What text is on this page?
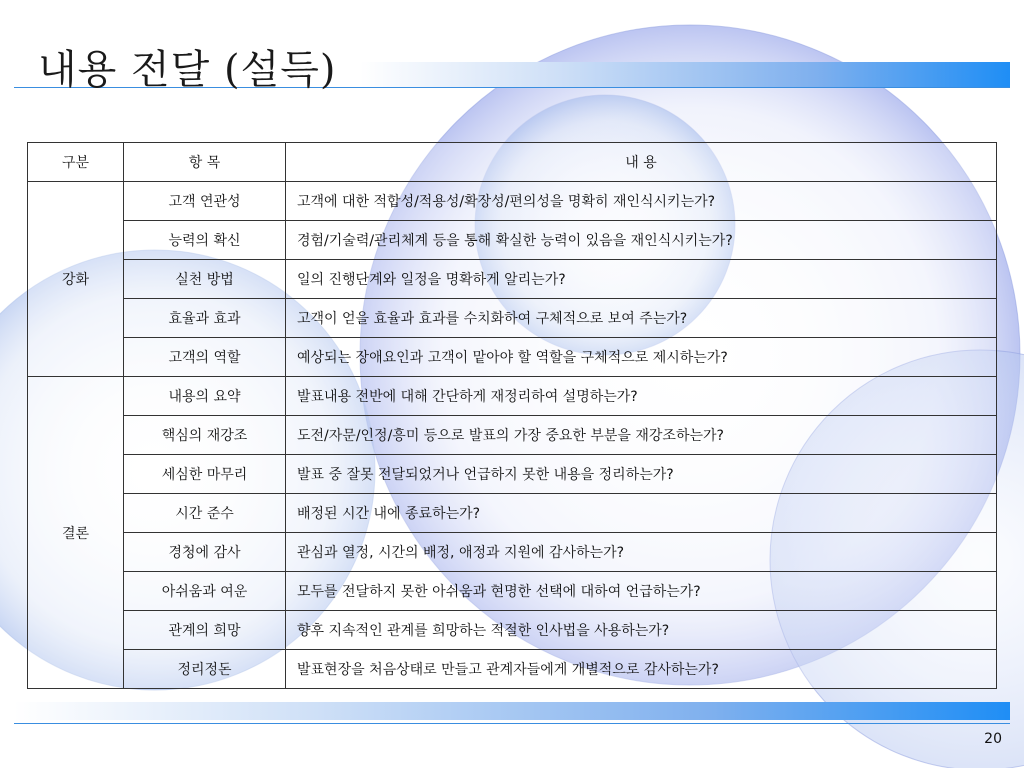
내용 전달 (설득)
구분	항 목	내 용
강화	고객 연관성	고객에 대한 적합성/적용성/확장성/편의성을 명확히 재인식시키는가?
	능력의 확신	경험/기술력/관리체계 등을 통해 확실한 능력이 있음을 재인식시키는가?
	실천 방법	일의 진행단계와 일정을 명확하게 알리는가?
	효율과 효과	고객이 얻을 효율과 효과를 수치화하여 구체적으로 보여 주는가?
	고객의 역할	예상되는 장애요인과 고객이 맡아야 할 역할을 구체적으로 제시하는가?
결론	내용의 요약	발표내용 전반에 대해 간단하게 재정리하여 설명하는가?
	핵심의 재강조	도전/자문/인정/흥미 등으로 발표의 가장 중요한 부분을 재강조하는가?
	세심한 마무리	발표 중 잘못 전달되었거나 언급하지 못한 내용을 정리하는가?
	시간 준수	배정된 시간 내에 종료하는가?
	경청에 감사	관심과 열정, 시간의 배정, 애정과 지원에 감사하는가?
	아쉬움과 여운	모두를 전달하지 못한 아쉬움과 현명한 선택에 대하여 언급하는가?
	관계의 희망	향후 지속적인 관계를 희망하는 적절한 인사법을 사용하는가?
	정리정돈	발표현장을 처음상태로 만들고 관계자들에게 개별적으로 감사하는가?
20
